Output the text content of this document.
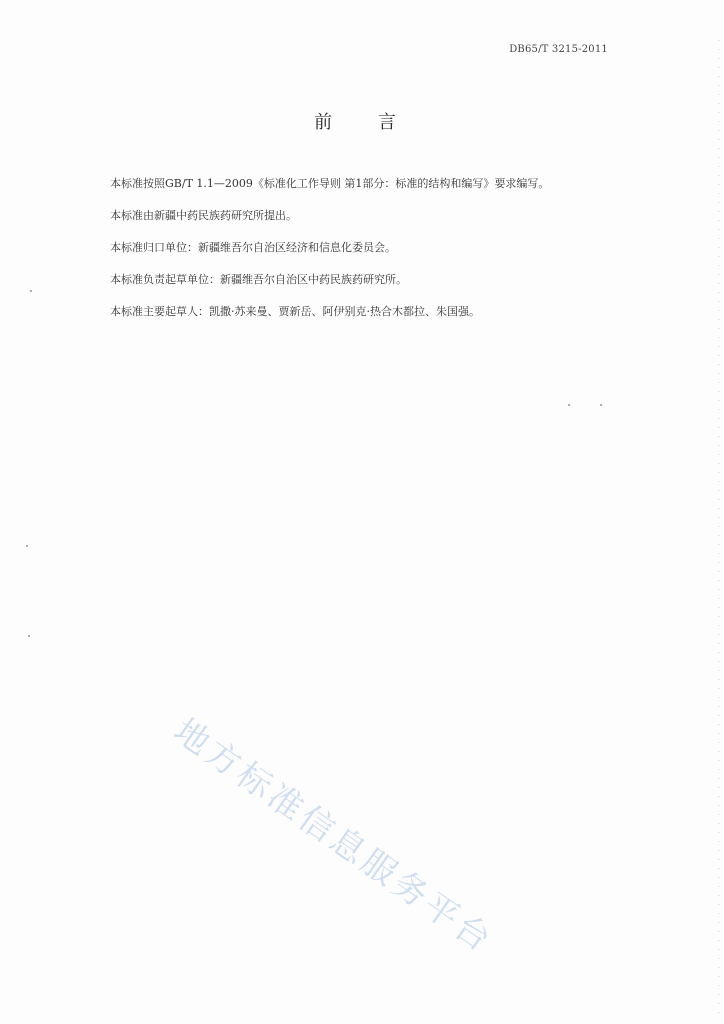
DB65/T 3215-2011
前 言

本标准按照GB/T 1.1—2009《标准化工作导则 第1部分：标准的结构和编写》要求编写。

本标准由新疆中药民族药研究所提出。

本标准归口单位：新疆维吾尔自治区经济和信息化委员会。

本标准负责起草单位：新疆维吾尔自治区中药民族药研究所。

本标准主要起草人：凯撒·苏来曼、贾新岳、阿伊别克·热合木都拉、朱国强。

地方标准信息服务平台
